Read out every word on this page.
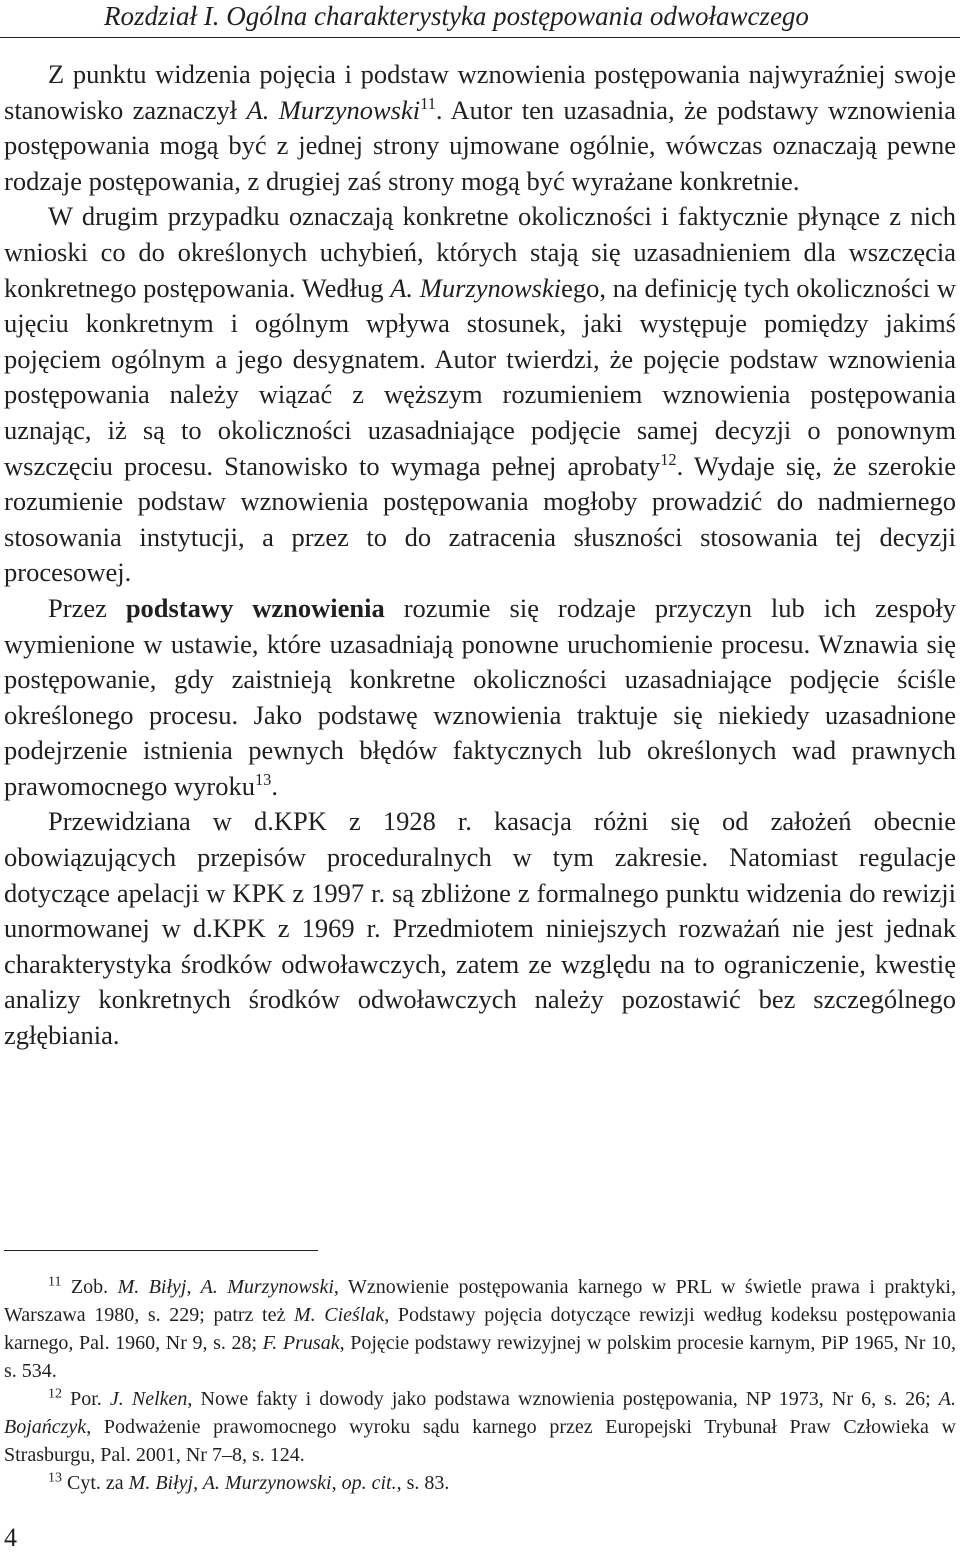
Rozdział I. Ogólna charakterystyka postępowania odwoławczego

Z punktu widzenia pojęcia i podstaw wznowienia postępowania najwyraźniej swoje stanowisko zaznaczył A. Murzynowski$^{11}$. Autor ten uzasadnia, że podstawy wznowienia postępowania mogą być z jednej strony ujmowane ogólnie, wówczas oznaczają pewne rodzaje postępowania, z drugiej zaś strony mogą być wyrażane konkretnie.

W drugim przypadku oznaczają konkretne okoliczności i faktycznie płynące z nich wnioski co do określonych uchybień, których stają się uzasadnieniem dla wszczęcia konkretnego postępowania. Według A. Murzynowskiego, na definicję tych okoliczności w ujęciu konkretnym i ogólnym wpływa stosunek, jaki występuje pomiędzy jakimś pojęciem ogólnym a jego desygnatem. Autor twierdzi, że pojęcie podstaw wznowienia postępowania należy wiązać z węższym rozumieniem wznowienia postępowania uznając, iż są to okoliczności uzasadniające podjęcie samej decyzji o ponownym wszczęciu procesu. Stanowisko to wymaga pełnej aprobaty$^{12}$. Wydaje się, że szerokie rozumienie podstaw wznowienia postępowania mogłoby prowadzić do nadmiernego stosowania instytucji, a przez to do zatracenia słuszności stosowania tej decyzji procesowej.

Przez podstawy wznowienia rozumie się rodzaje przyczyn lub ich zespoły wymienione w ustawie, które uzasadniają ponowne uruchomienie procesu. Wznawia się postępowanie, gdy zaistnieją konkretne okoliczności uzasadniające podjęcie ściśle określonego procesu. Jako podstawę wznowienia traktuje się niekiedy uzasadnione podejrzenie istnienia pewnych błędów faktycznych lub określonych wad prawnych prawomocnego wyroku$^{13}$.

Przewidziana w d.KPK z 1928 r. kasacja różni się od założeń obecnie obowiązujących przepisów proceduralnych w tym zakresie. Natomiast regulacje dotyczące apelacji w KPK z 1997 r. są zbliżone z formalnego punktu widzenia do rewizji unormowanej w d.KPK z 1969 r. Przedmiotem niniejszych rozważań nie jest jednak charakterystyka środków odwoławczych, zatem ze względu na to ograniczenie, kwestię analizy konkretnych środków odwoławczych należy pozostawić bez szczególnego zgłębiania.

$^{11}$ Zob. M. Biłyj, A. Murzynowski, Wznowienie postępowania karnego w PRL w świetle prawa i praktyki, Warszawa 1980, s. 229; patrz też M. Cieślak, Podstawy pojęcia dotyczące rewizji według kodeksu postępowania karnego, Pal. 1960, Nr 9, s. 28; F. Prusak, Pojęcie podstawy rewizyjnej w polskim procesie karnym, PiP 1965, Nr 10, s. 534.

$^{12}$ Por. J. Nelken, Nowe fakty i dowody jako podstawa wznowienia postępowania, NP 1973, Nr 6, s. 26; A. Bojańczyk, Podważenie prawomocnego wyroku sądu karnego przez Europejski Trybunał Praw Człowieka w Strasburgu, Pal. 2001, Nr 7–8, s. 124.

$^{13}$ Cyt. za M. Biłyj, A. Murzynowski, op. cit., s. 83.

4
